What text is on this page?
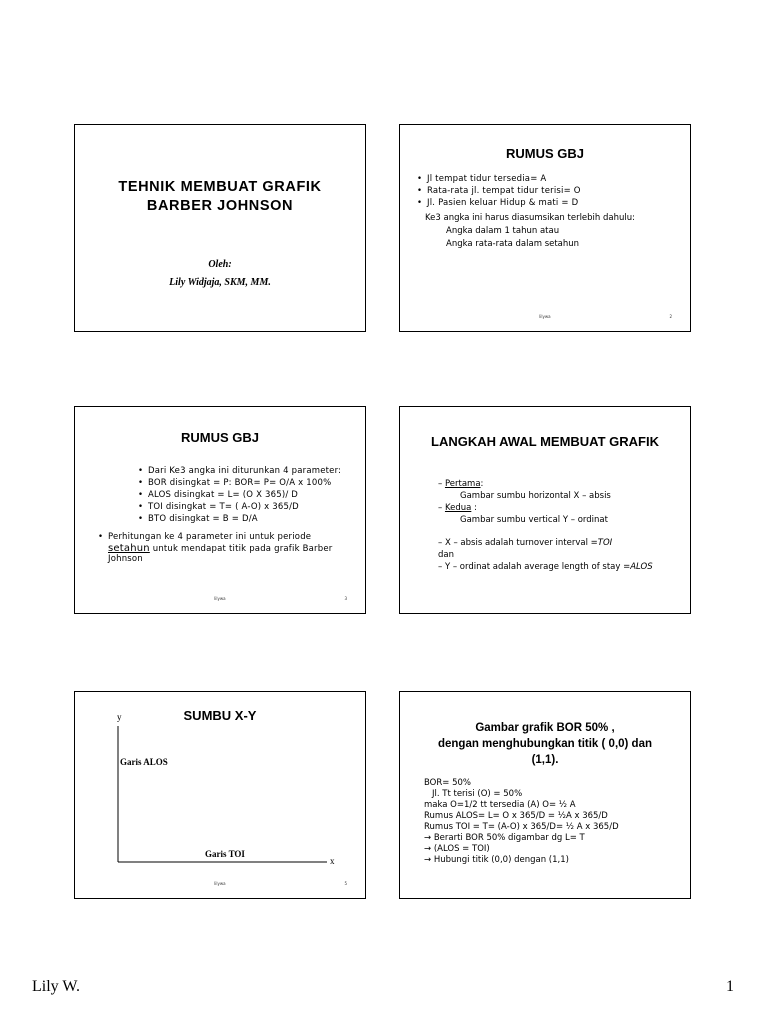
TEHNIK MEMBUAT GRAFIK
BARBER JOHNSON
Oleh:
Lily Widjaja, SKM, MM.
RUMUS GBJ
• Jl tempat tidur tersedia= A
• Rata-rata jl. tempat tidur terisi= O
• Jl. Pasien keluar Hidup & mati = D
Ke3 angka ini harus diasumsikan terlebih dahulu:
Angka dalam 1 tahun atau
Angka rata-rata dalam setahun
lilywa	2
RUMUS GBJ
• Dari Ke3 angka ini diturunkan 4 parameter:
• BOR disingkat = P: BOR= P= O/A x 100%
• ALOS disingkat = L= (O X 365)/ D
• TOI disingkat = T= ( A-O) x 365/D
• BTO disingkat = B = D/A
• Perhitungan ke 4 parameter ini untuk periode
setahun untuk mendapat titik pada grafik Barber
Johnson
lilywa	3
LANGKAH AWAL MEMBUAT GRAFIK
– Pertama:
Gambar sumbu horizontal X – absis
– Kedua :
Gambar sumbu vertical Y – ordinat
– X – absis adalah turnover interval =TOI
dan
– Y – ordinat adalah average length of stay =ALOS
SUMBU X-Y
y
x
Garis ALOS
Garis TOI
lilywa	5
Gambar grafik BOR 50% ,
dengan menghubungkan titik ( 0,0) dan
(1,1).
BOR= 50%
Jl. Tt terisi (O) = 50%
maka O=1/2 tt tersedia (A) O= ½ A
Rumus ALOS= L= O x 365/D = ½A x 365/D
Rumus TOI = T= (A-O) x 365/D= ½ A x 365/D
→ Berarti BOR 50% digambar dg L= T
→ (ALOS = TOI)
→ Hubungi titik (0,0) dengan (1,1)
Lily W.	1
